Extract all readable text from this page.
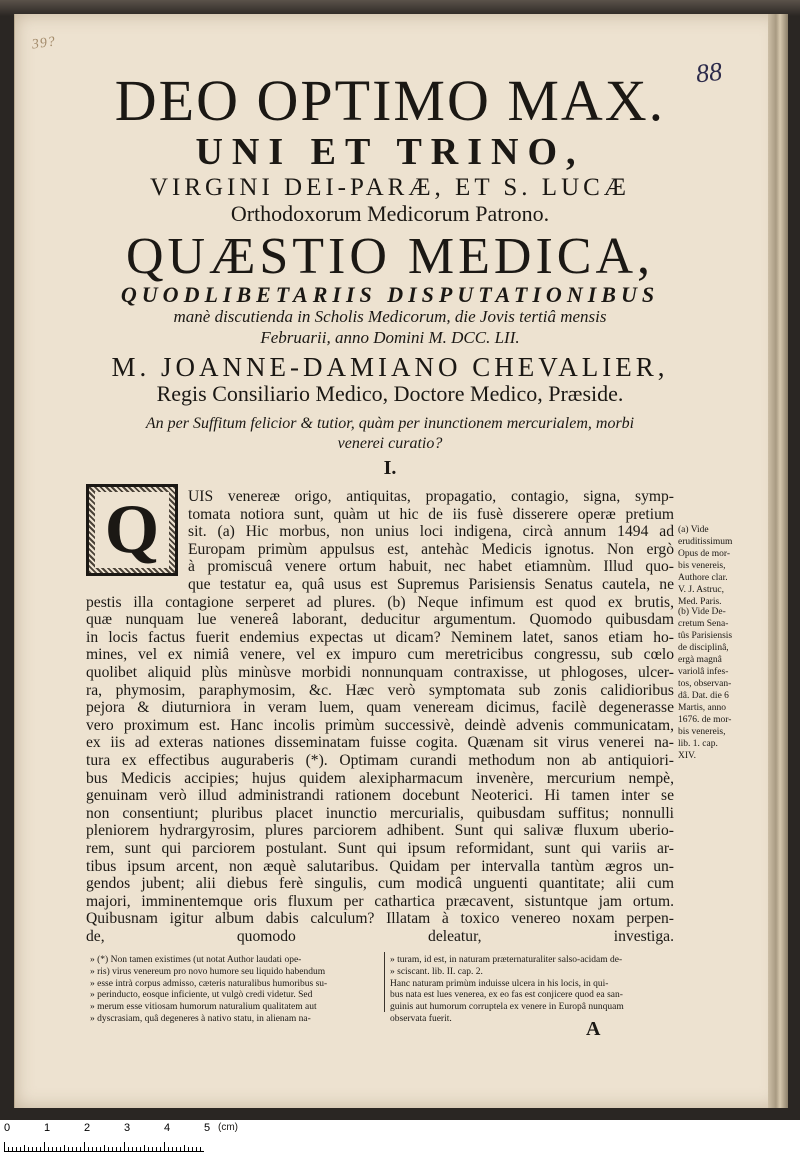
39?
88
DEO OPTIMO MAX.
UNI ET TRINO,
VIRGINI DEI-PARÆ, ET S. LUCÆ
Orthodoxorum Medicorum Patrono.
QUÆSTIO MEDICA,
QUODLIBETARIIS DISPUTATIONIBUS
manè discutienda in Scholis Medicorum, die Jovis tertiâ mensis
Februarii, anno Domini M. DCC. LII.
M. JOANNE-DAMIANO CHEVALIER,
Regis Consiliario Medico, Doctore Medico, Præside.
An per Suffitum felicior & tutior, quàm per inunctionem mercurialem, morbi
venerei curatio?
I.
Q	UIS venereæ origo, antiquitas, propagatio, contagio, signa, symp-
tomata notiora sunt, quàm ut hic de iis fusè disserere operæ pretium
sit. (a) Hic morbus, non unius loci indigena, circà annum 1494 ad
Europam primùm appulsus est, antehàc Medicis ignotus. Non ergò
à promiscuâ venere ortum habuit, nec habet etiamnùm. Illud quo-
que testatur ea, quâ usus est Supremus Parisiensis Senatus cautela, ne
pestis illa contagione serperet ad plures. (b) Neque infimum est quod ex brutis,
quæ nunquam lue venereâ laborant, deducitur argumentum. Quomodo quibusdam
in locis factus fuerit endemius expectas ut dicam? Neminem latet, sanos etiam ho-
mines, vel ex nimiâ venere, vel ex impuro cum meretricibus congressu, sub cœlo
quolibet aliquid plùs minùsve morbidi nonnunquam contraxisse, ut phlogoses, ulcer-
ra, phymosim, paraphymosim, &c. Hæc verò symptomata sub zonis calidioribus
pejora & diuturniora in veram luem, quam veneream dicimus, facilè degenerasse
vero proximum est. Hanc incolis primùm successivè, deindè advenis communicatam,
ex iis ad exteras nationes disseminatam fuisse cogita. Quænam sit virus venerei na-
tura ex effectibus auguraberis (*). Optimam curandi methodum non ab antiquiori-
bus Medicis accipies; hujus quidem alexipharmacum invenère, mercurium nempè,
genuinam verò illud administrandi rationem docebunt Neoterici. Hi tamen inter se
non consentiunt; pluribus placet inunctio mercurialis, quibusdam suffitus; nonnulli
pleniorem hydrargyrosim, plures parciorem adhibent. Sunt qui salivæ fluxum uberio-
rem, sunt qui parciorem postulant. Sunt qui ipsum reformidant, sunt qui variis ar-
tibus ipsum arcent, non æquè salutaribus. Quidam per intervalla tantùm ægros un-
gendos jubent; alii diebus ferè singulis, cum modicâ unguenti quantitate; alii cum
majori, imminentemque oris fluxum per cathartica præcavent, sistuntque jam ortum.
Quibusnam igitur album dabis calculum? Illatam à toxico venereo noxam perpen-
de, quomodo deleatur, investiga.
(a) Vide
eruditissimum
Opus de mor-
bis venereis,
Authore clar.
V. J. Astruc,
Med. Paris.
(b) Vide De-
cretum Sena-
tûs Parisiensis
de disciplinâ,
ergà magnâ
variolâ infes-
tos, observan-
dâ. Dat. die 6
Martis, anno
1676. de mor-
bis venereis,
lib. 1. cap.
XIV.
» (*) Non tamen existimes (ut notat Author laudati ope-
» ris) virus venereum pro novo humore seu liquido habendum
» esse intrà corpus admisso, cæteris naturalibus humoribus su-
» perinducto, eosque inficiente, ut vulgò credi videtur. Sed
» merum esse vitiosam humorum naturalium qualitatem aut
» dyscrasiam, quâ degeneres à nativo statu, in alienam na-
» turam, id est, in naturam præternaturaliter salso-acidam de-
» sciscant. lib. II. cap. 2.
Hanc naturam primùm induisse ulcera in his locis, in qui-
bus nata est lues venerea, ex eo fas est conjicere quod ea san-
guinis aut humorum corruptela ex venere in Europâ nunquam
observata fuerit.	A
0	1	2	3	4	5 (cm)
